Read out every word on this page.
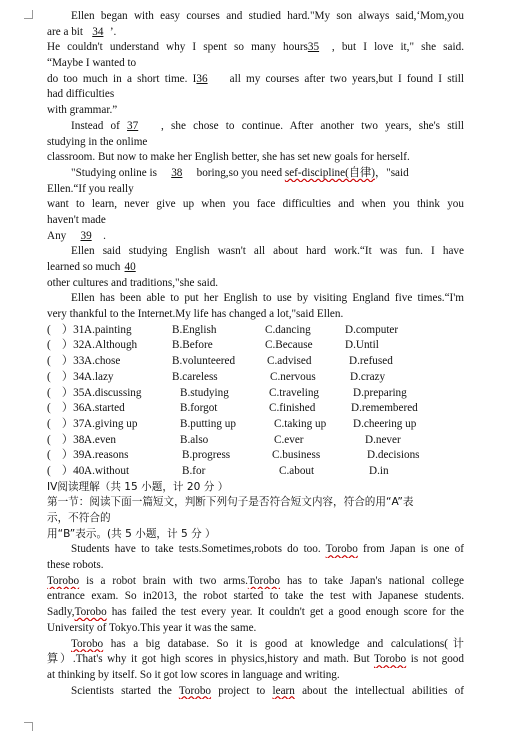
Ellen began with easy courses and studied hard."My son always said,‘Mom,you
are a bit 34 ’.
He couldn't understand why I spent so many hours35 , but I love it," she said.
“Maybe I wanted to
do too much in a short time. I36 all my courses after two years,but I found I still
had difficulties
with grammar.”
Instead of 37 , she chose to continue. After another two years, she's still
studying in the onlime
classroom. But now to make her English better, she has set new goals for herself.
"Studying online is 38 boring,so you need sef-discipline(自律)，"said
Ellen.“If you really
want to learn, never give up when you face difficulties and when you think you
haven't made
Any 39 .
Ellen said studying English wasn't all about hard work.“It was fun. I have
learned so much 40
other cultures and traditions,"she said.
Ellen has been able to put her English to use by visiting England five times.“I'm
very thankful to the Internet.My life has changed a lot,"said Ellen.
(　）31.
A.painting	B.English	C.dancing	D.computer
(　）32.
A.Although	B.Before	C.Because	D.Until
(　）33.
A.chose	B.volunteered	C.advised	D.refused
(　）34.
A.lazy	B.careless	C.nervous	D.crazy
(　）35.
A.discussing	B.studying	C.traveling	D.preparing
(　）36.
A.started	B.forgot	C.finished	D.remembered
(　）37.
A.giving up	B.putting up	C.taking up D.cheering up
(　）38.
A.even	B.also	C.ever	D.never
(　）39.
A.reasons	B.progress	C.business	D.decisions
(　）40.
A.without	B.for	C.about	D.in
IV阅读理解（共 15 小题，计 20 分 ）
第一节：阅读下面一篇短文，判断下列句子是否符合短文内容，符合的用“A”表
示，不符合的
用“B”表示。(共 5 小题，计 5 分 ）
Students have to take tests.Sometimes,robots do too. Torobo from Japan is one of
these robots.
Torobo is a robot brain with two arms.Torobo has to take Japan's national college
entrance exam. So in2013, the robot started to take the test with Japanese students.
Sadly,Torobo has failed the test every year. It couldn't get a good enough score for the
University of Tokyo.This year it was the same.
Torobo has a big database. So it is good at knowledge and calculations(计
算）.That's why it got high scores in physics,history and math. But Torobo is not good
at thinking by itself. So it got low scores in language and writing.
Scientists started the Torobo project to learn about the intellectual abilities of
